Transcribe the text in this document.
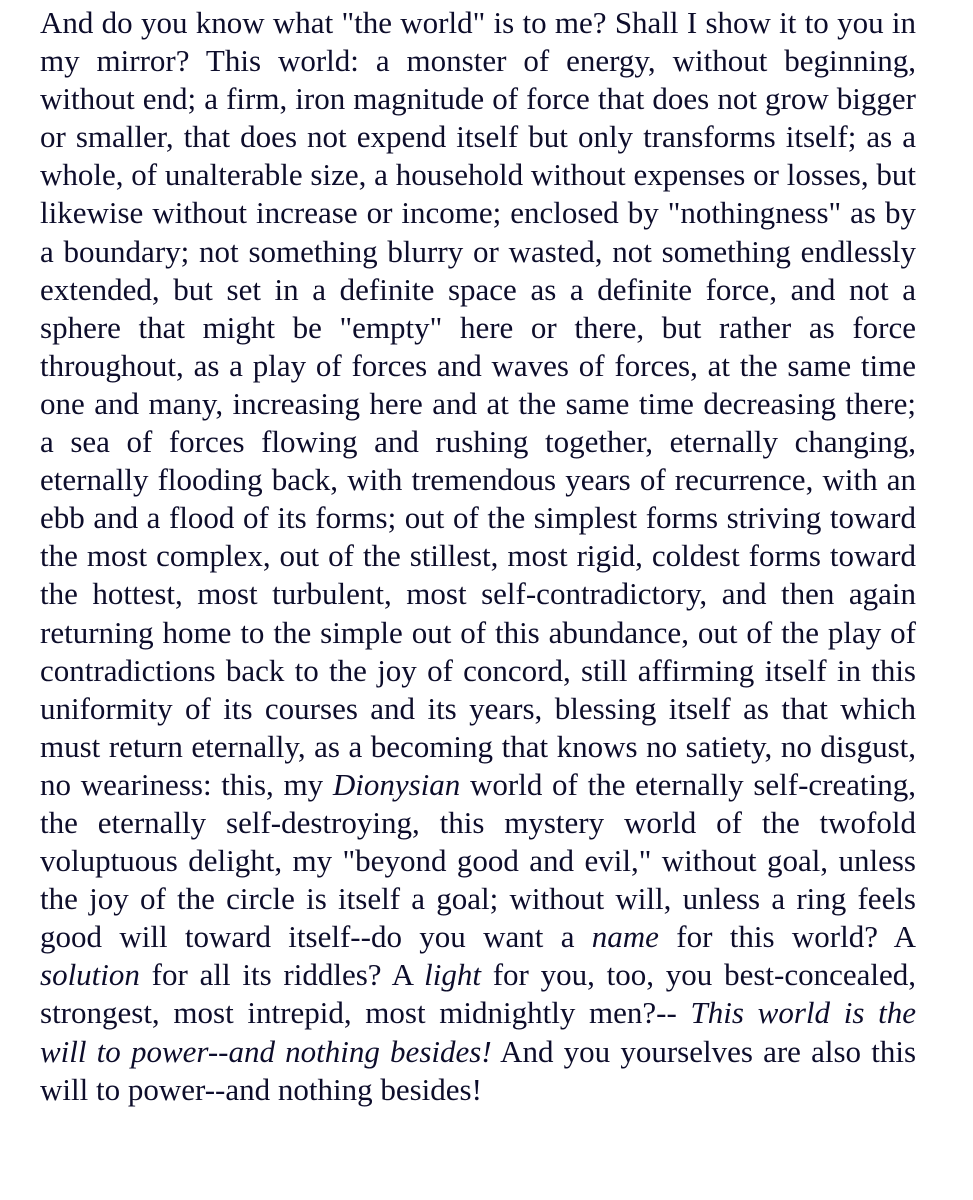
And do you know what "the world" is to me? Shall I show it to you in my mirror? This world: a monster of energy, without beginning, without end; a firm, iron magnitude of force that does not grow bigger or smaller, that does not expend itself but only transforms itself; as a whole, of unalterable size, a household without expenses or losses, but likewise without increase or income; enclosed by "nothingness" as by a boundary; not something blurry or wasted, not something endlessly extended, but set in a definite space as a definite force, and not a sphere that might be "empty" here or there, but rather as force throughout, as a play of forces and waves of forces, at the same time one and many, increasing here and at the same time decreasing there; a sea of forces flowing and rushing together, eternally changing, eternally flooding back, with tremendous years of recurrence, with an ebb and a flood of its forms; out of the simplest forms striving toward the most complex, out of the stillest, most rigid, coldest forms toward the hottest, most turbulent, most self-contradictory, and then again returning home to the simple out of this abundance, out of the play of contradictions back to the joy of concord, still affirming itself in this uniformity of its courses and its years, blessing itself as that which must return eternally, as a becoming that knows no satiety, no disgust, no weariness: this, my Dionysian world of the eternally self-creating, the eternally self-destroying, this mystery world of the twofold voluptuous delight, my "beyond good and evil," without goal, unless the joy of the circle is itself a goal; without will, unless a ring feels good will toward itself--do you want a name for this world? A solution for all its riddles? A light for you, too, you best-concealed, strongest, most intrepid, most midnightly men?-- This world is the will to power--and nothing besides! And you yourselves are also this will to power--and nothing besides!
